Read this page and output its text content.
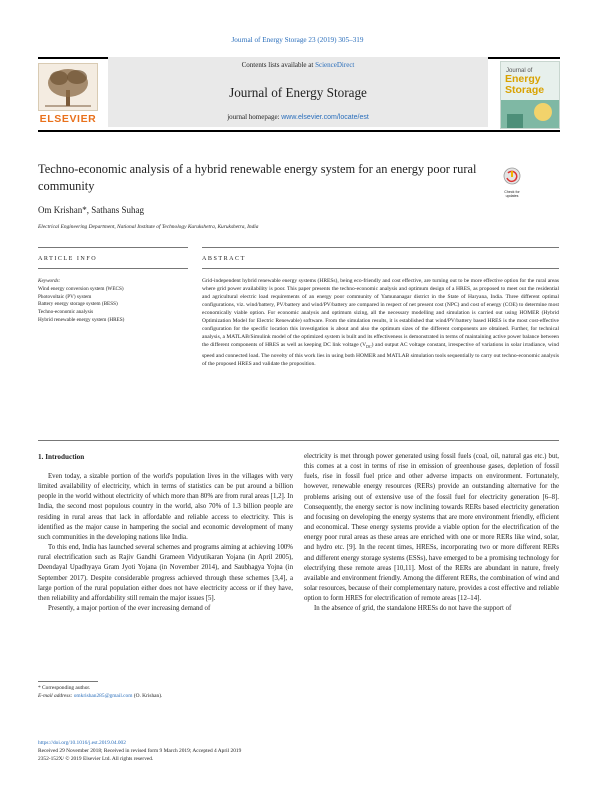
Journal of Energy Storage 23 (2019) 305–319
ELSEVIER
Contents lists available at ScienceDirect
Journal of Energy Storage
journal homepage: www.elsevier.com/locate/est
Journal of
Energy
Storage
Techno-economic analysis of a hybrid renewable energy system for an energy poor rural community	Check for
updates
Om Krishan*, Sathans Suhag
Electrical Engineering Department, National Institute of Technology Kurukshetra, Kurukshetra, India
ARTICLE INFO	ABSTRACT
Keywords:
Wind energy conversion system (WECS)
Photovoltaic (PV) system
Battery energy storage system (BESS)
Techno-economic analysis
Hybrid renewable energy system (HRES)
Grid-independent hybrid renewable energy systems (HRESs), being eco-friendly and cost effective, are turning out to be more effective option for the rural areas where grid power availability is poor. This paper presents the techno-economic analysis and optimum design of a HRES, as proposed to meet out the residential and agricultural electric load requirements of an energy poor community of Yamunanagar district in the State of Haryana, India. Three different optimal configurations, viz. wind/battery, PV/battery and wind/PV/battery are compared in respect of net present cost (NPC) and cost of energy (COE) to determine most economically viable option. For economic analysis and optimum sizing, all the necessary modelling and simulation is carried out using HOMER (Hybrid Optimization Model for Electric Renewable) software. From the simulation results, it is established that wind/PV/battery based HRES is the most cost-effective configuration for the specific location this investigation is about and also the optimum sizes of the different components are obtained. Further, for technical analysis, a MATLAB/Simulink model of the optimized system is built and its effectiveness is demonstrated in terms of maintaining active power balance between the different components of HRES as well as keeping DC link voltage $(V_{DC})$ and output AC voltage constant, irrespective of variations in solar irradiance, wind speed and connected load. The novelty of this work lies in using both HOMER and MATLAB simulation tools sequentially to carry out techno-economic analysis of the proposed HRES and validate the proposition.
1. Introduction

Even today, a sizable portion of the world's population lives in the villages with very limited availability of electricity, which in terms of statistics can be put around a billion people in the world without electricity of which more than 80% are from rural areas [1,2]. In India, the second most populous country in the world, also 70% of 1.3 billion people are residing in rural areas that lack in affordable and reliable access to electricity. This is identified as the major cause in hampering the social and economic development of many such communities in the developing nations like India.

To this end, India has launched several schemes and programs aiming at achieving 100% rural electrification such as Rajiv Gandhi Grameen Vidyutikaran Yojana (in April 2005), Deendayal Upadhyaya Gram Jyoti Yojana (in November 2014), and Saubhagya Yojna (in September 2017). Despite considerable progress achieved through these schemes [3,4], a large portion of the rural population either does not have electricity access or if they have, then reliability and affordability still remain the major issues [5].

Presently, a major portion of the ever increasing demand of

electricity is met through power generated using fossil fuels (coal, oil, natural gas etc.) but, this comes at a cost in terms of rise in emission of greenhouse gases, depletion of fossil fuels, rise in fossil fuel price and other adverse impacts on environment. Fortunately, however, renewable energy resources (RERs) provide an outstanding alternative for the problems arising out of extensive use of the fossil fuel for electricity generation [6–8]. Consequently, the energy sector is now inclining towards RERs based electricity generation and focusing on developing the energy systems that are more environment friendly, efficient and economical. These energy systems provide a viable option for the electrification of the energy poor rural areas as these areas are enriched with one or more RERs like wind, solar, and hydro etc. [9]. In the recent times, HRESs, incorporating two or more different RERs and different energy storage systems (ESSs), have emerged to be a promising technology for electrifying these remote areas [10,11]. Most of the RERs are abundant in nature, freely available and environment friendly. Among the different RERs, the combination of wind and solar resources, because of their complementary nature, provides a cost effective and reliable option to form HRES for electrification of remote areas [12–14].

In the absence of grid, the standalone HRESs do not have the support of

* Corresponding author.
E-mail address: omkrishan285@gmail.com (O. Krishan).
https://doi.org/10.1016/j.est.2019.04.002
Received 29 November 2018; Received in revised form 9 March 2019; Accepted 4 April 2019
2352-152X/ © 2019 Elsevier Ltd. All rights reserved.
